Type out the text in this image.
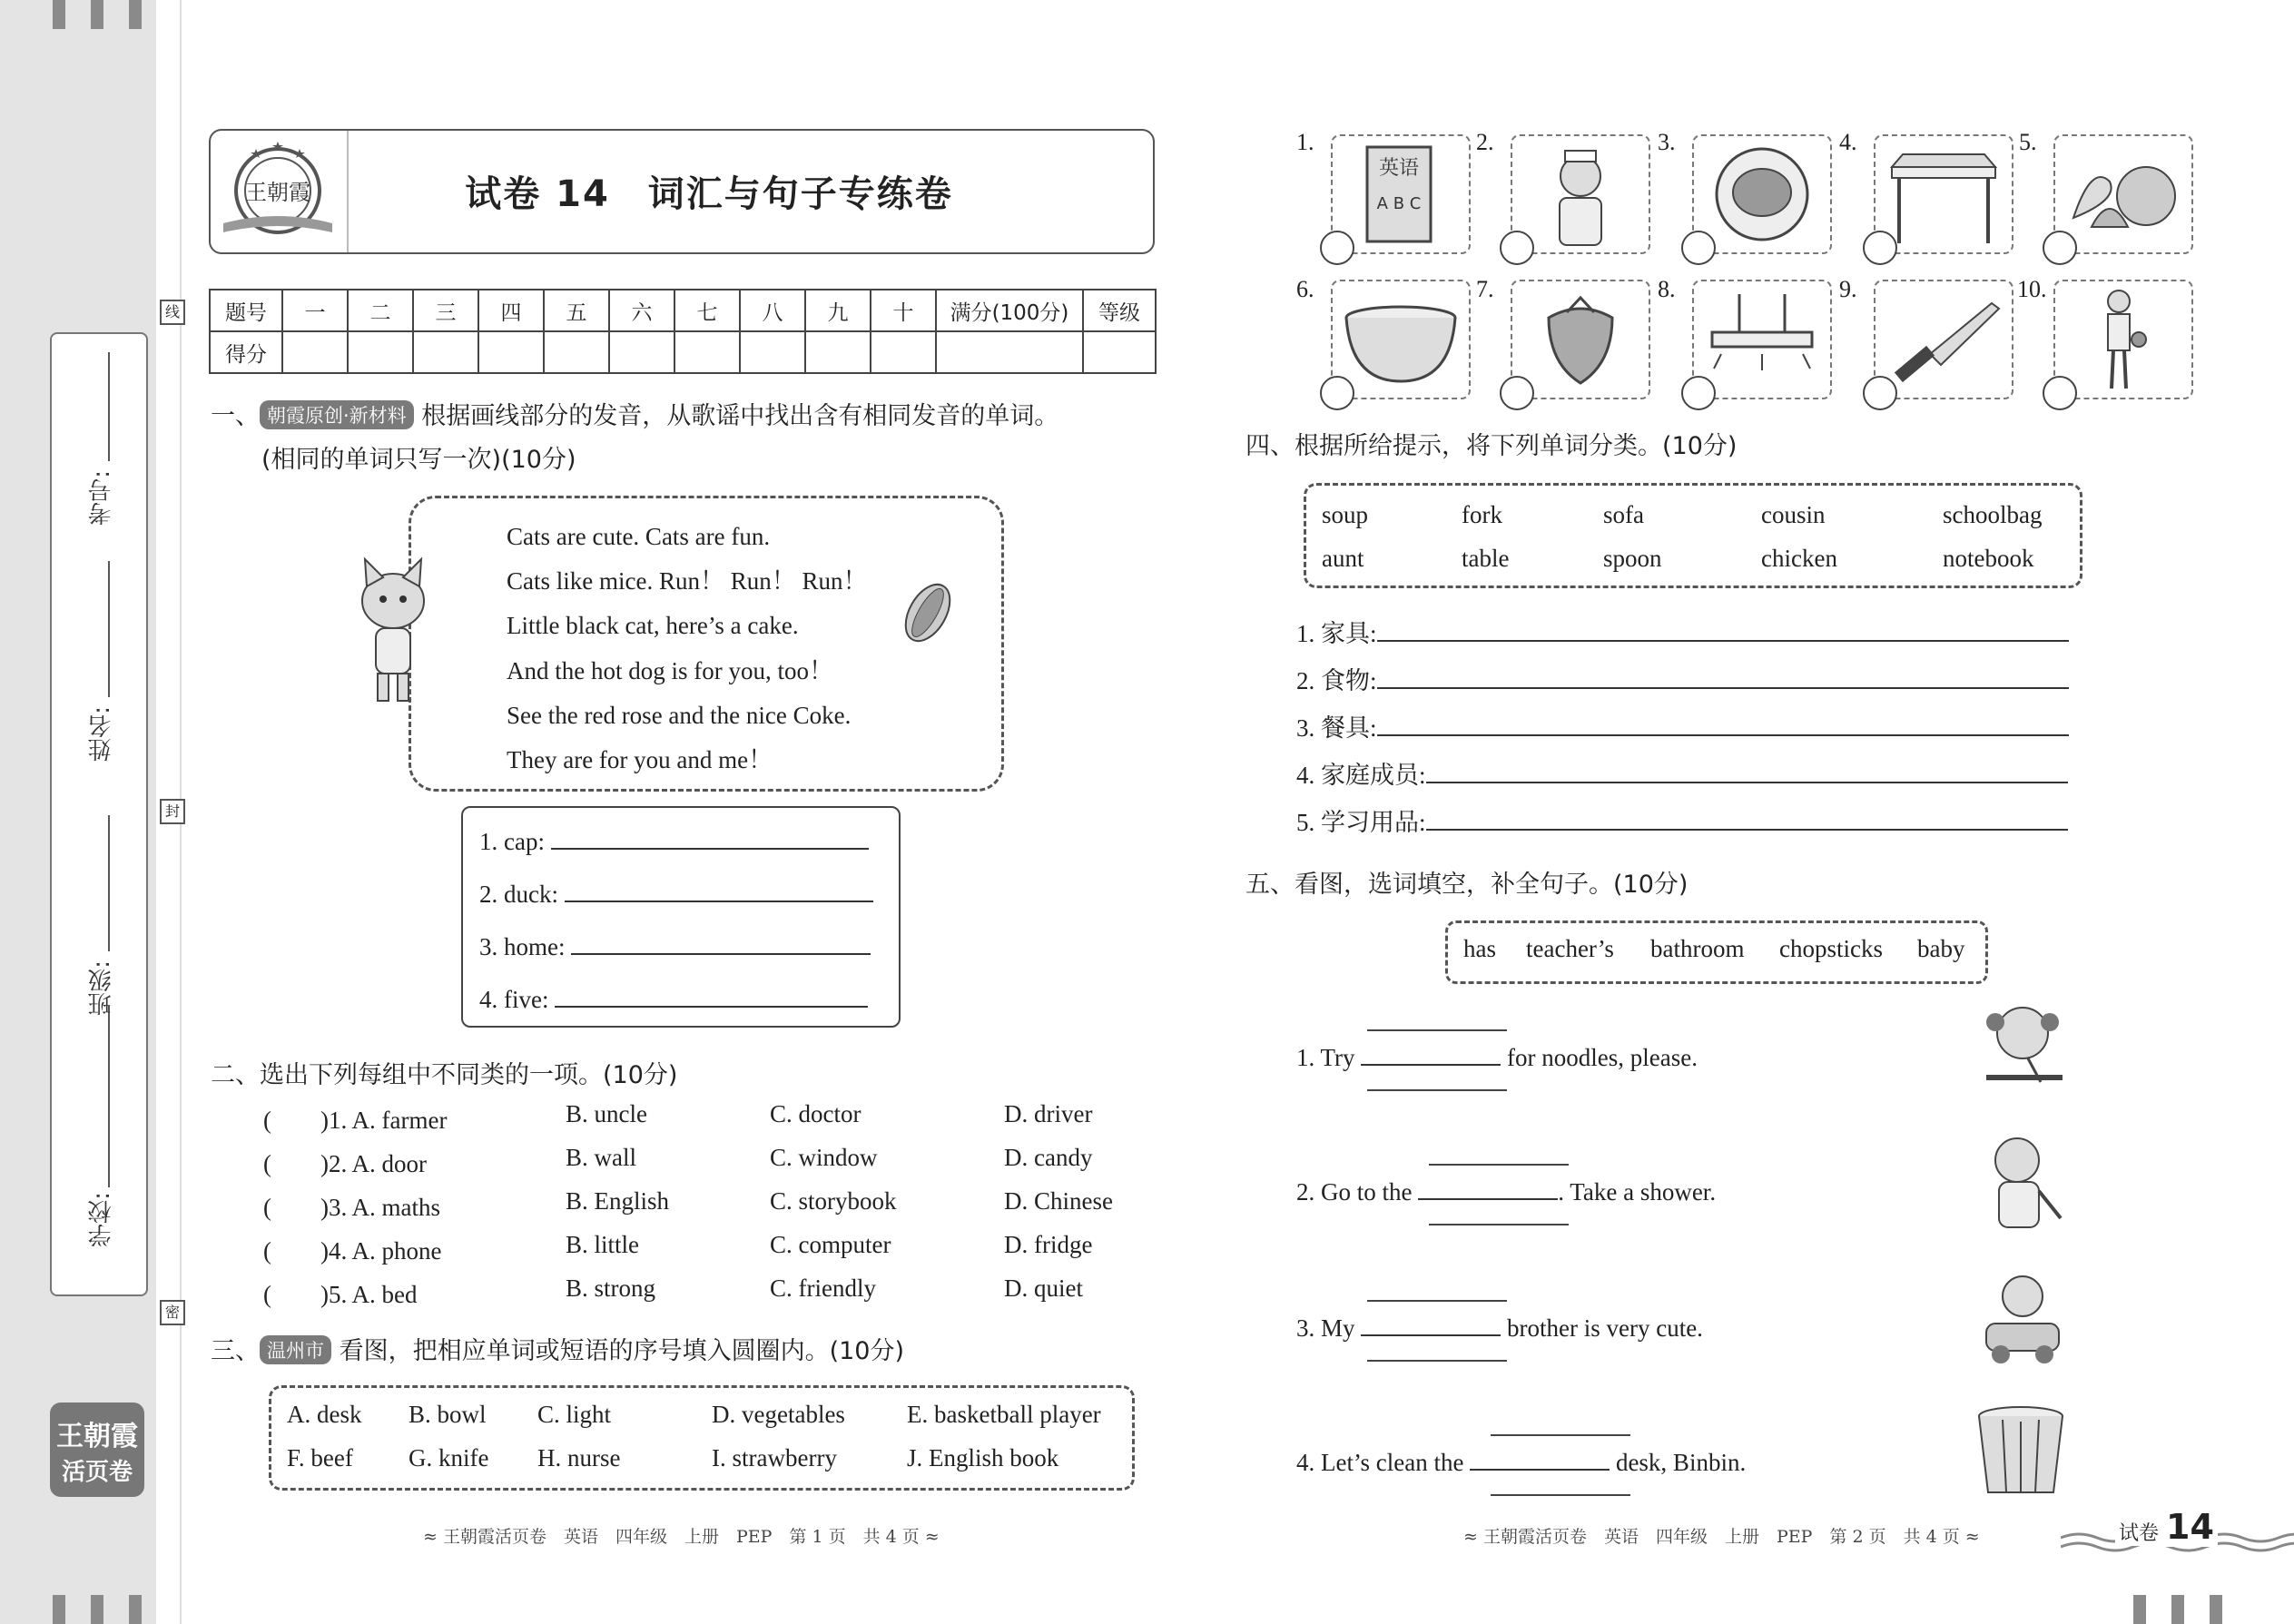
学校:
班级:
姓名:
考号:
线
封
密
王朝霞
活页卷
王朝霞	试卷 14　词汇与句子专练卷
题号	一	二	三	四	五	六	七	八	九	十	满分(100分)	等级
得分												
一、 朝霞原创·新材料 根据画线部分的发音，从歌谣中找出含有相同发音的单词。
(相同的单词只写一次)(10分)
Cats are cute. Cats are fun.
Cats like mice. Run！ Run！ Run！
Little black cat, here’s a cake.
And the hot dog is for you, too！
See the red rose and the nice Coke.
They are for you and me！
1. cap:
2. duck:
3. home:
4. five:
二、选出下列每组中不同类的一项。(10分)
(　　)1. A. farmer	B. uncle	C. doctor	D. driver
(　　)2. A. door	B. wall	C. window	D. candy
(　　)3. A. maths	B. English	C. storybook	D. Chinese
(　　)4. A. phone	B. little	C. computer	D. fridge
(　　)5. A. bed	B. strong	C. friendly	D. quiet
三、 温州市 看图，把相应单词或短语的序号填入圆圈内。(10分)
A. desk B. bowl C. light	D. vegetables	E. basketball player
F. beef G. knife H. nurse	I. strawberry	J. English book
1.
英语
A B C
2.	3.	4.	5.
6.	7.	8.	9.	10.
四、根据所给提示，将下列单词分类。(10分)
soup	fork	sofa	cousin	schoolbag
aunt	table	spoon	chicken	notebook
1. 家具:
2. 食物:
3. 餐具:
4. 家庭成员:
5. 学习用品:
五、看图，选词填空，补全句子。(10分)
has teacher’s bathroom chopsticks baby
1. Try	for noodles, please.
2. Go to the	. Take a shower.
3. My	brother is very cute.
4. Let’s clean the	desk, Binbin.
≈ 王朝霞活页卷　英语　四年级　上册　PEP　第 1 页　共 4 页 ≈	≈ 王朝霞活页卷　英语　四年级　上册　PEP　第 2 页　共 4 页 ≈	试卷 14
